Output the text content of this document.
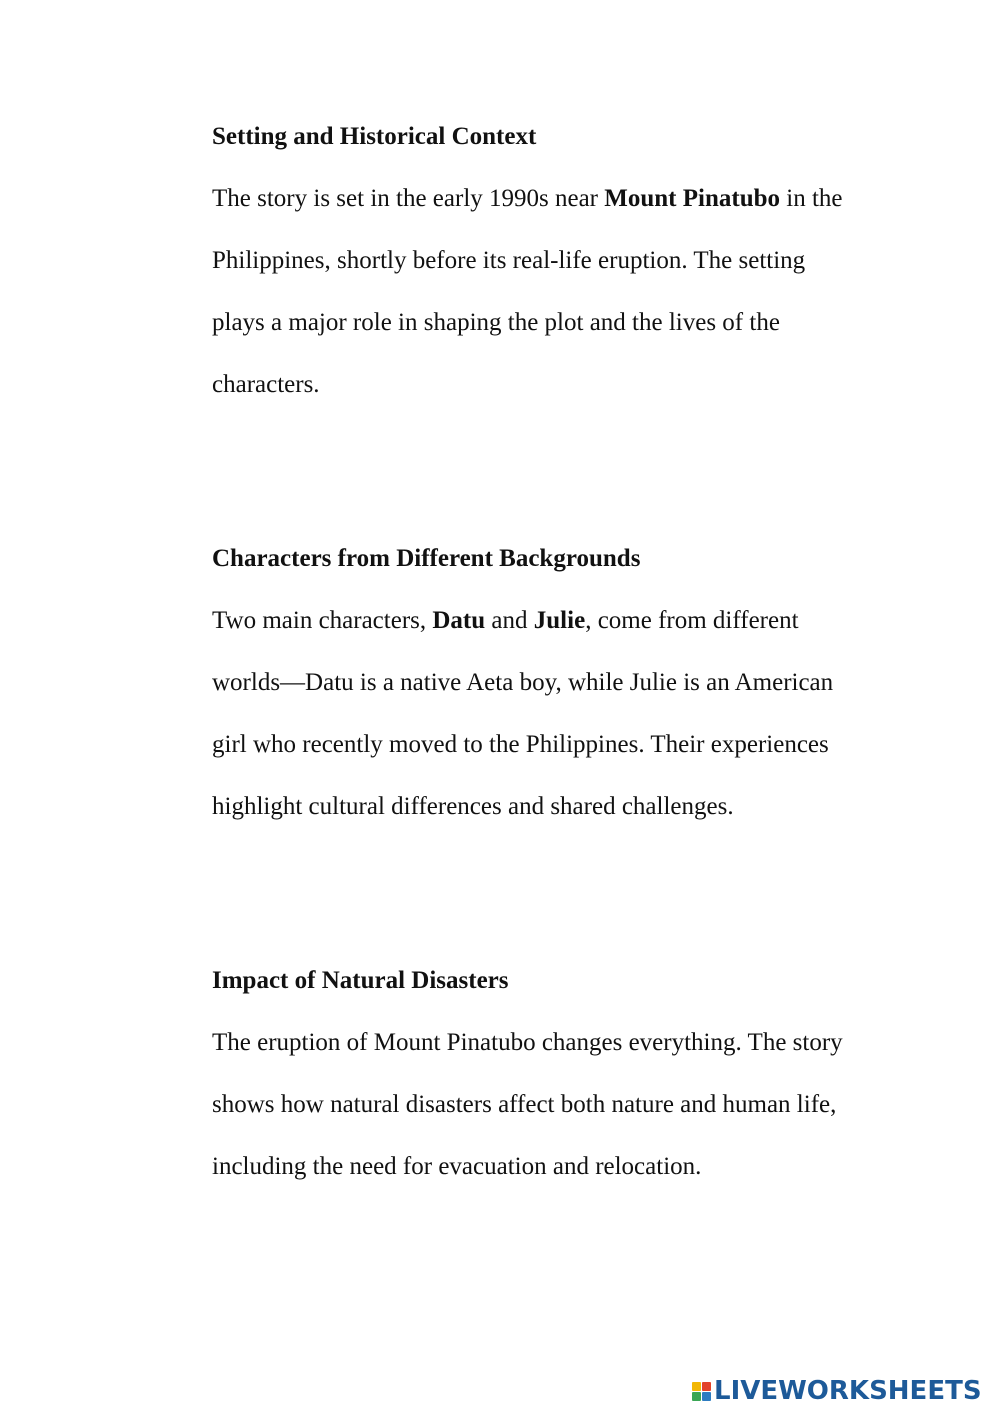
Setting and Historical Context

The story is set in the early 1990s near Mount Pinatubo in the
Philippines, shortly before its real-life eruption. The setting
plays a major role in shaping the plot and the lives of the
characters.

Characters from Different Backgrounds

Two main characters, Datu and Julie, come from different
worlds—Datu is a native Aeta boy, while Julie is an American
girl who recently moved to the Philippines. Their experiences
highlight cultural differences and shared challenges.

Impact of Natural Disasters

The eruption of Mount Pinatubo changes everything. The story
shows how natural disasters affect both nature and human life,
including the need for evacuation and relocation.

LIVEWORKSHEETS
